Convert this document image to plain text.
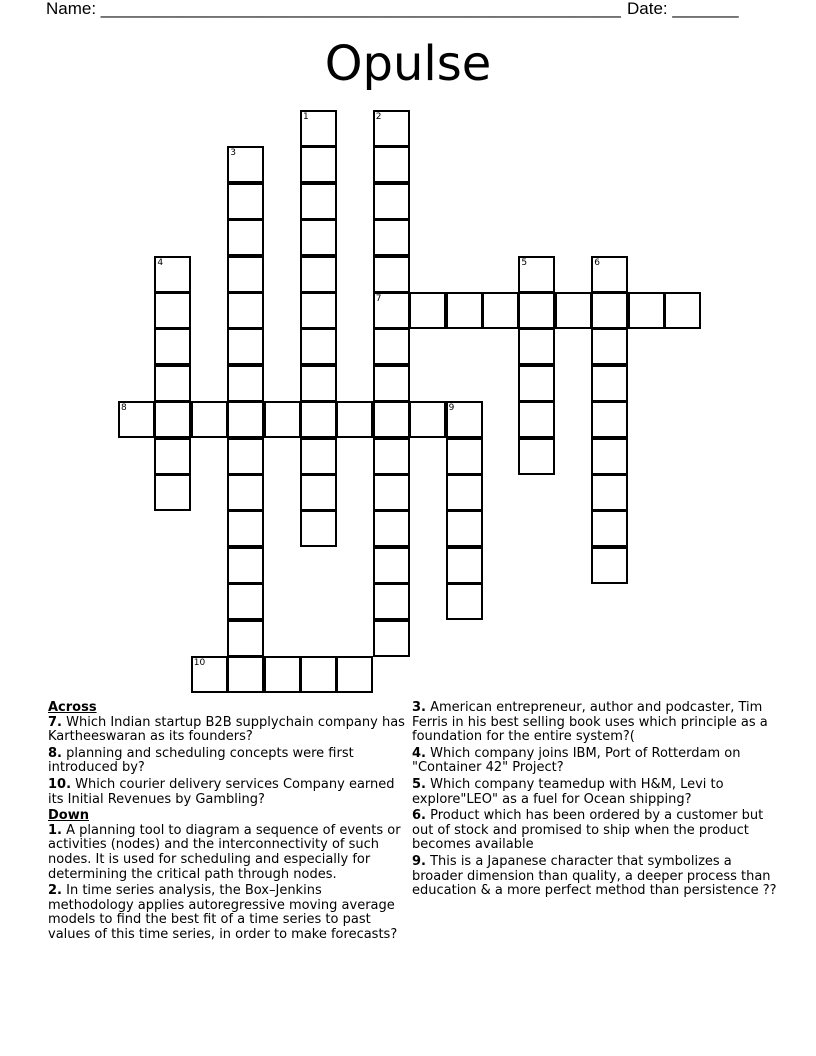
Name: _______________________________________________________ Date: _______
Opulse
1	2
7
3
4	5	6
8	9
10
Across
7. Which Indian startup B2B supplychain company has Kartheeswaran as its founders?
8. planning and scheduling concepts were first introduced by?
10. Which courier delivery services Company earned its Initial Revenues by Gambling?
Down
1. A planning tool to diagram a sequence of events or activities (nodes) and the interconnectivity of such nodes. It is used for scheduling and especially for determining the critical path through nodes.
2. In time series analysis, the Box–Jenkins methodology applies autoregressive moving average models to find the best fit of a time series to past values of this time series, in order to make forecasts?
3. American entrepreneur, author and podcaster, Tim Ferris in his best selling book uses which principle as a foundation for the entire system?(
4. Which company joins IBM, Port of Rotterdam on "Container 42" Project?
5. Which company teamedup with H&M, Levi to explore"LEO" as a fuel for Ocean shipping?
6. Product which has been ordered by a customer but out of stock and promised to ship when the product becomes available
9. This is a Japanese character that symbolizes a broader dimension than quality, a deeper process than education & a more perfect method than persistence ??
